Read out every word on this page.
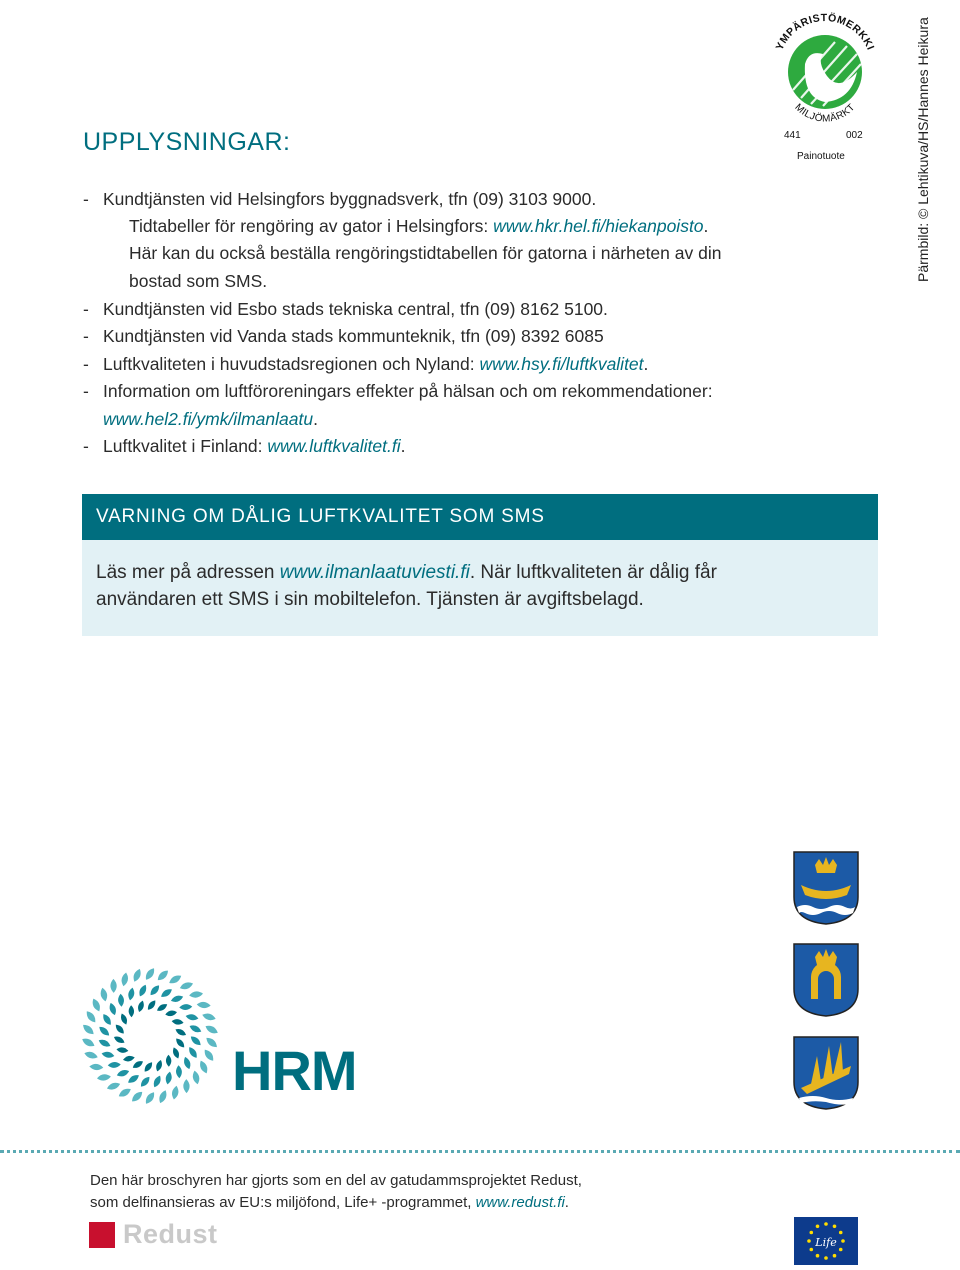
YMPÄRISTÖMERKKI
MILJÖMÄRKT
441	002
Painotuote	Pärmbild: © Lehtikuva/HS/Hannes Heikura
UPPLYSNINGAR:
- Kundtjänsten vid Helsingfors byggnadsverk, tfn (09) 3103 9000.
Tidtabeller för rengöring av gator i Helsingfors: www.hkr.hel.fi/hiekanpoisto.
Här kan du också beställa rengöringstidtabellen för gatorna i närheten av din
bostad som SMS.
- Kundtjänsten vid Esbo stads tekniska central, tfn (09) 8162 5100.
- Kundtjänsten vid Vanda stads kommunteknik, tfn (09) 8392 6085
- Luftkvaliteten i huvudstadsregionen och Nyland: www.hsy.fi/luftkvalitet.
- Information om luftföroreningars effekter på hälsan och om rekommendationer:
www.hel2.fi/ymk/ilmanlaatu.
- Luftkvalitet i Finland: www.luftkvalitet.fi.
VARNING OM DÅLIG LUFTKVALITET SOM SMS
Läs mer på adressen www.ilmanlaatuviesti.fi. När luftkvaliteten är dålig får
användaren ett SMS i sin mobiltelefon. Tjänsten är avgiftsbelagd.
HRM
Den här broschyren har gjorts som en del av gatudammsprojektet Redust,
som delfinansieras av EU:s miljöfond, Life+ -programmet, www.redust.fi.
Redust	Life
